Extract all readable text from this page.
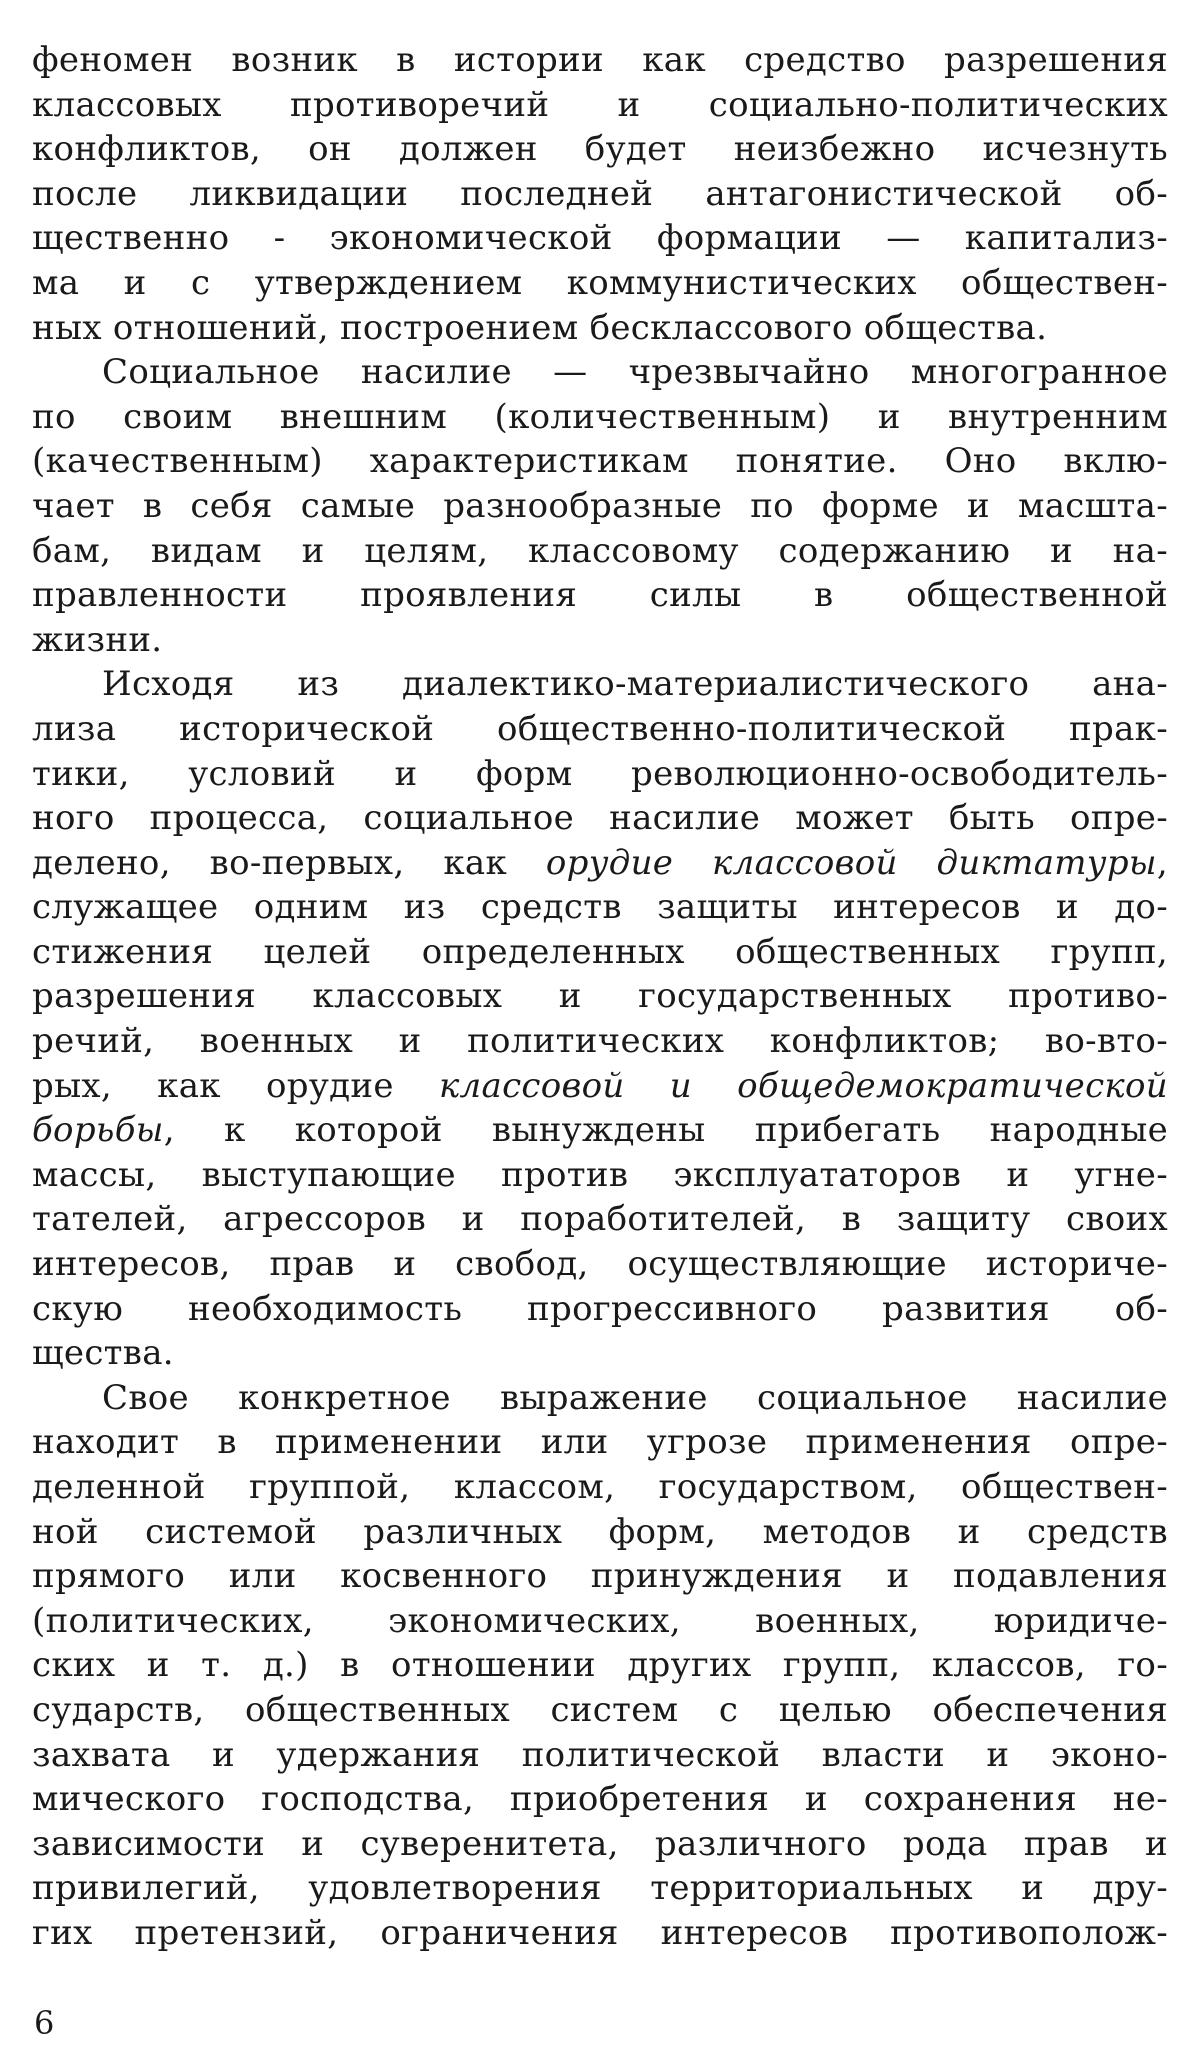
феномен возник в истории как средство разрешения
классовых противоречий и социально-политических
конфликтов, он должен будет неизбежно исчезнуть
после ликвидации последней антагонистической об-
щественно - экономической формации — капитализ-
ма и с утверждением коммунистических обществен-
ных отношений, построением бесклассового общества.
Социальное насилие — чрезвычайно многогранное
по своим внешним (количественным) и внутренним
(качественным) характеристикам понятие. Оно вклю-
чает в себя самые разнообразные по форме и масшта-
бам, видам и целям, классовому содержанию и на-
правленности проявления силы в общественной
жизни.
Исходя из диалектико-материалистического ана-
лиза исторической общественно-политической прак-
тики, условий и форм революционно-освободитель-
ного процесса, социальное насилие может быть опре-
делено, во-первых, как орудие классовой диктатуры,
служащее одним из средств защиты интересов и до-
стижения целей определенных общественных групп,
разрешения классовых и государственных противо-
речий, военных и политических конфликтов; во-вто-
рых, как орудие классовой и общедемократической
борьбы, к которой вынуждены прибегать народные
массы, выступающие против эксплуататоров и угне-
тателей, агрессоров и поработителей, в защиту своих
интересов, прав и свобод, осуществляющие историче-
скую необходимость прогрессивного развития об-
щества.
Свое конкретное выражение социальное насилие
находит в применении или угрозе применения опре-
деленной группой, классом, государством, обществен-
ной системой различных форм, методов и средств
прямого или косвенного принуждения и подавления
(политических, экономических, военных, юридиче-
ских и т. д.) в отношении других групп, классов, го-
сударств, общественных систем с целью обеспечения
захвата и удержания политической власти и эконо-
мического господства, приобретения и сохранения не-
зависимости и суверенитета, различного рода прав и
привилегий, удовлетворения территориальных и дру-
гих претензий, ограничения интересов противополож-
6
